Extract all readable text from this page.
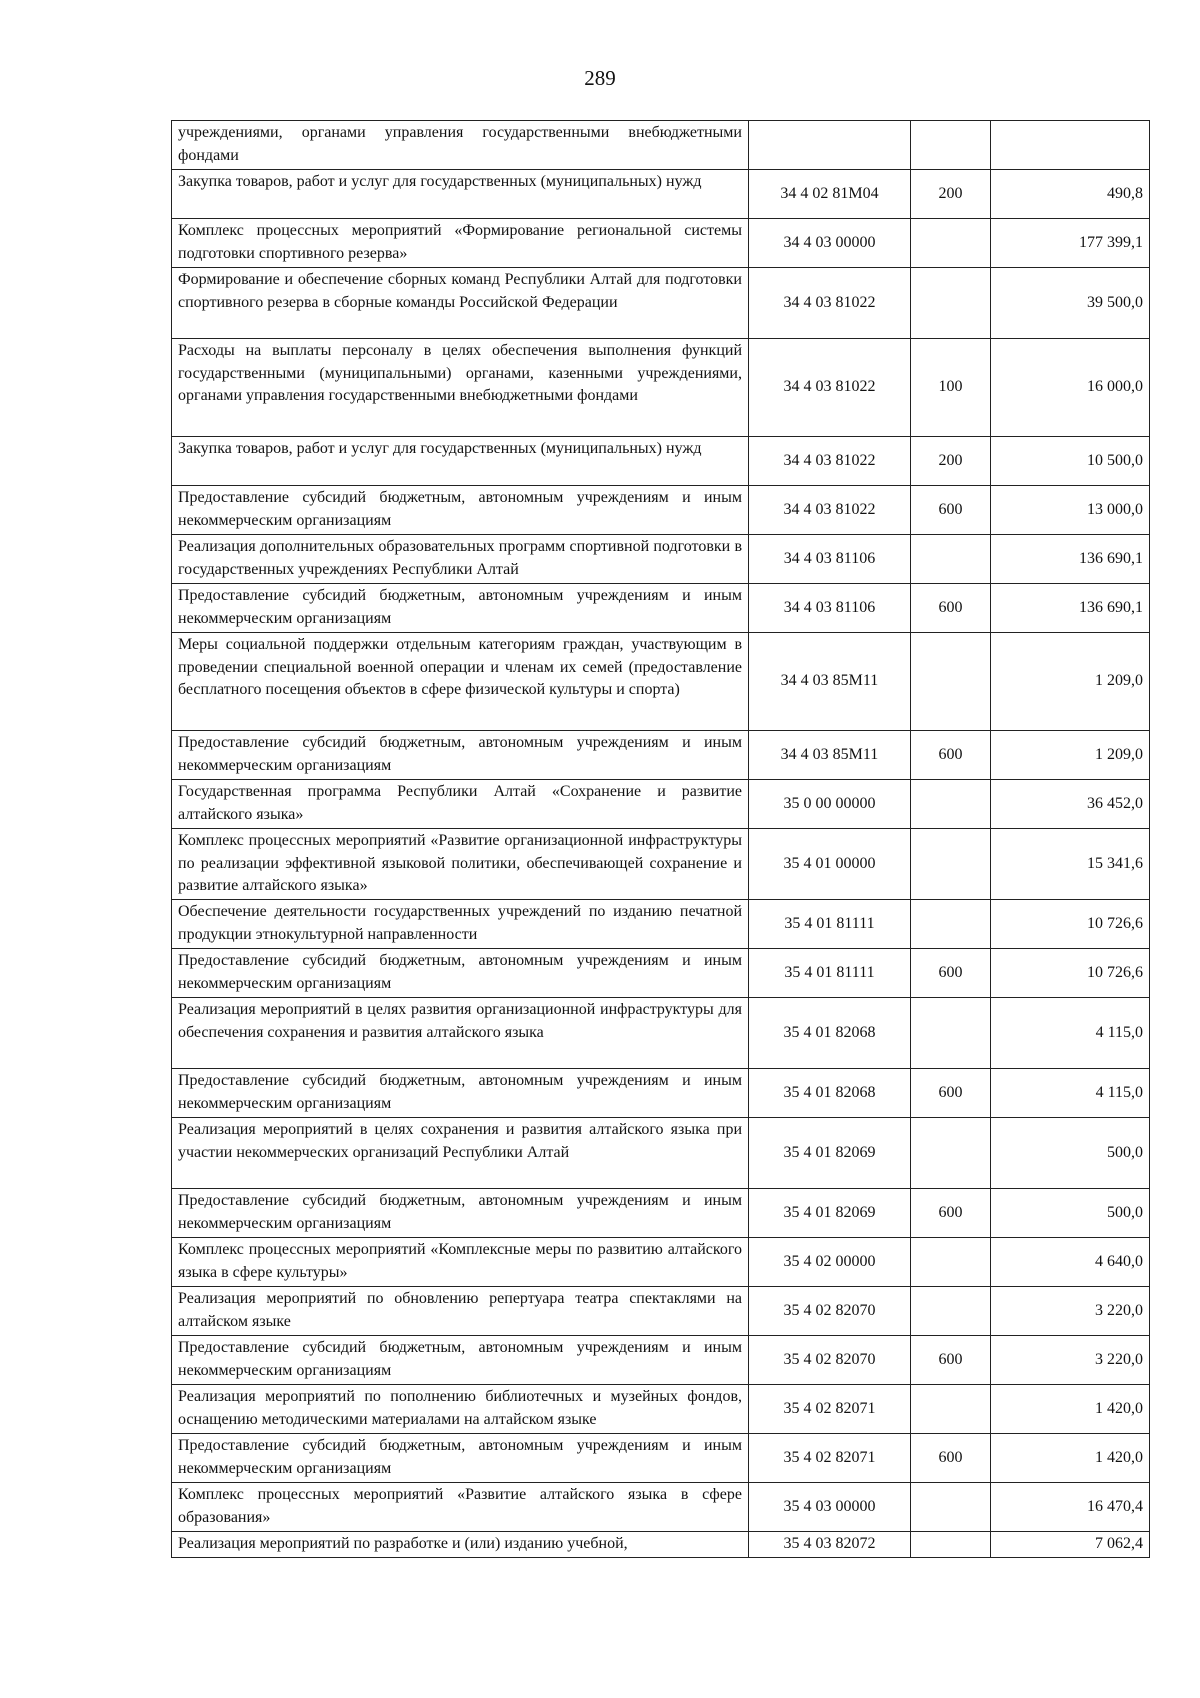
289
учреждениями, органами управления государственными внебюджетными фондами			
Закупка товаров, работ и услуг для государственных (муниципальных) нужд	34 4 02 81М04	200	490,8
Комплекс процессных мероприятий «Формирование региональной системы подготовки спортивного резерва»	34 4 03 00000		177 399,1
Формирование и обеспечение сборных команд Республики Алтай для подготовки спортивного резерва в сборные команды Российской Федерации	34 4 03 81022		39 500,0
Расходы на выплаты персоналу в целях обеспечения выполнения функций государственными (муниципальными) органами, казенными учреждениями, органами управления государственными внебюджетными фондами	34 4 03 81022	100	16 000,0
Закупка товаров, работ и услуг для государственных (муниципальных) нужд	34 4 03 81022	200	10 500,0
Предоставление субсидий бюджетным, автономным учреждениям и иным некоммерческим организациям	34 4 03 81022	600	13 000,0
Реализация дополнительных образовательных программ спортивной подготовки в государственных учреждениях Республики Алтай	34 4 03 81106		136 690,1
Предоставление субсидий бюджетным, автономным учреждениям и иным некоммерческим организациям	34 4 03 81106	600	136 690,1
Меры социальной поддержки отдельным категориям граждан, участвующим в проведении специальной военной операции и членам их семей (предоставление бесплатного посещения объектов в сфере физической культуры и спорта)	34 4 03 85М11		1 209,0
Предоставление субсидий бюджетным, автономным учреждениям и иным некоммерческим организациям	34 4 03 85М11	600	1 209,0
Государственная программа Республики Алтай «Сохранение и развитие алтайского языка»	35 0 00 00000		36 452,0
Комплекс процессных мероприятий «Развитие организационной инфраструктуры по реализации эффективной языковой политики, обеспечивающей сохранение и развитие алтайского языка»	35 4 01 00000		15 341,6
Обеспечение деятельности государственных учреждений по изданию печатной продукции этнокультурной направленности	35 4 01 81111		10 726,6
Предоставление субсидий бюджетным, автономным учреждениям и иным некоммерческим организациям	35 4 01 81111	600	10 726,6
Реализация мероприятий в целях развития организационной инфраструктуры для обеспечения сохранения и развития алтайского языка	35 4 01 82068		4 115,0
Предоставление субсидий бюджетным, автономным учреждениям и иным некоммерческим организациям	35 4 01 82068	600	4 115,0
Реализация мероприятий в целях сохранения и развития алтайского языка при участии некоммерческих организаций Республики Алтай	35 4 01 82069		500,0
Предоставление субсидий бюджетным, автономным учреждениям и иным некоммерческим организациям	35 4 01 82069	600	500,0
Комплекс процессных мероприятий «Комплексные меры по развитию алтайского языка в сфере культуры»	35 4 02 00000		4 640,0
Реализация мероприятий по обновлению репертуара театра спектаклями на алтайском языке	35 4 02 82070		3 220,0
Предоставление субсидий бюджетным, автономным учреждениям и иным некоммерческим организациям	35 4 02 82070	600	3 220,0
Реализация мероприятий по пополнению библиотечных и музейных фондов, оснащению методическими материалами на алтайском языке	35 4 02 82071		1 420,0
Предоставление субсидий бюджетным, автономным учреждениям и иным некоммерческим организациям	35 4 02 82071	600	1 420,0
Комплекс процессных мероприятий «Развитие алтайского языка в сфере образования»	35 4 03 00000		16 470,4
Реализация мероприятий по разработке и (или) изданию учебной,	35 4 03 82072		7 062,4
